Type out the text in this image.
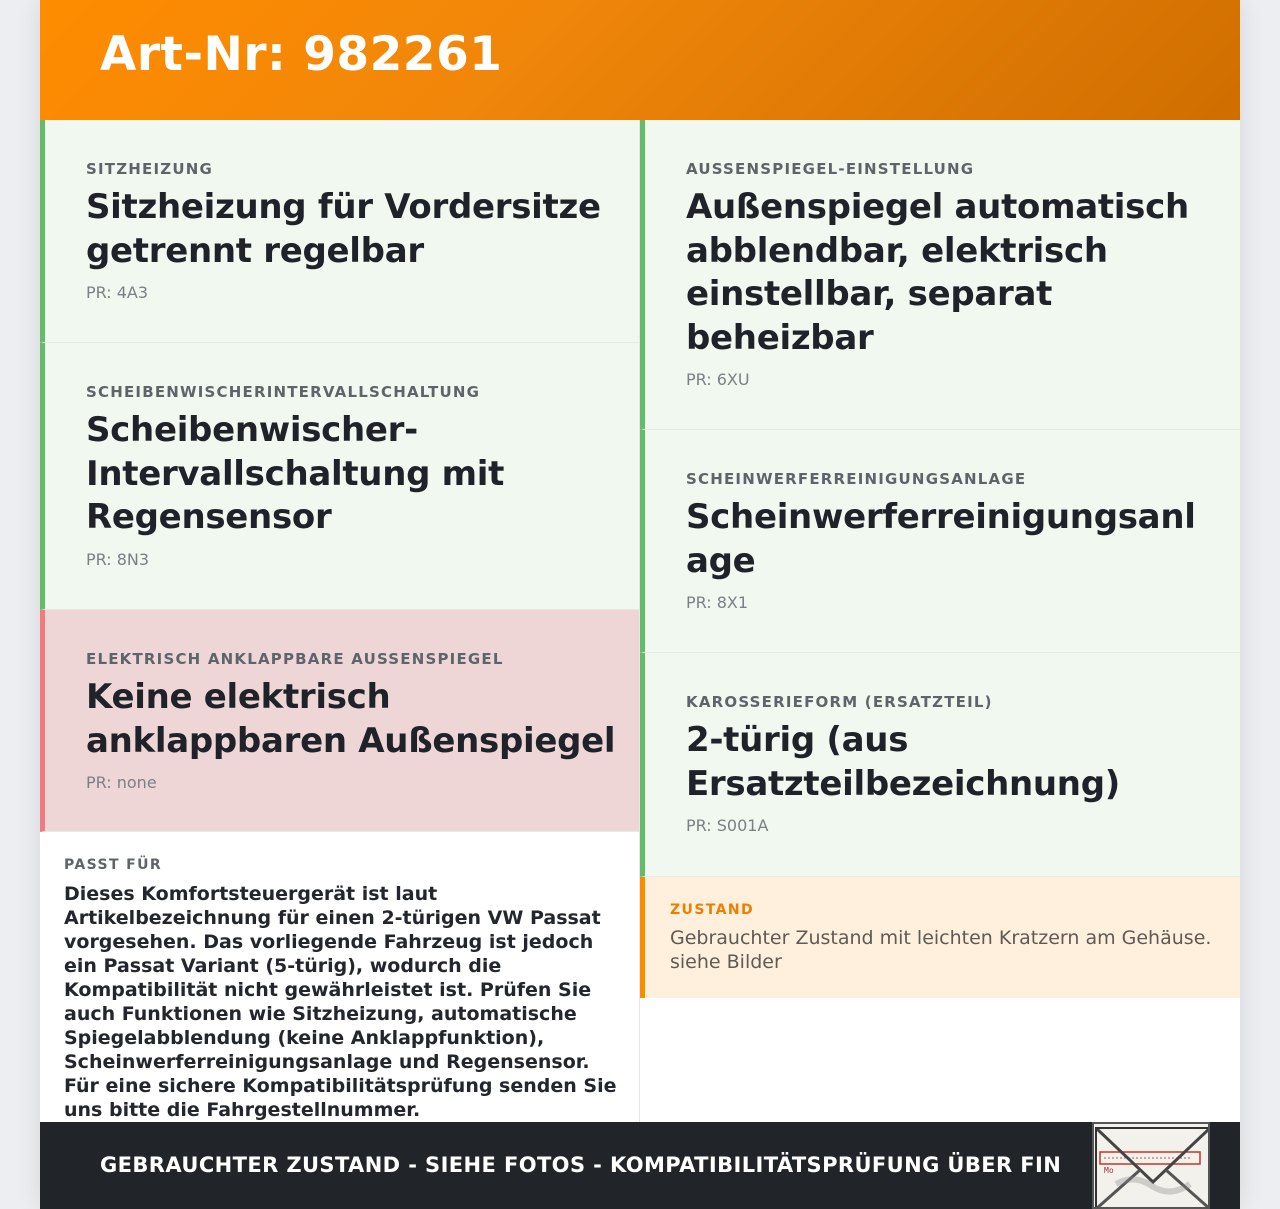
Art-Nr: 982261
SITZHEIZUNG
Sitzheizung für Vordersitze getrennt regelbar
PR: 4A3
SCHEIBENWISCHERINTERVALLSCHALTUNG
Scheibenwischer-Intervallschaltung mit Regensensor
PR: 8N3
ELEKTRISCH ANKLAPPBARE AUSSENSPIEGEL
Keine elektrisch anklappbaren Außenspiegel
PR: none
PASST FÜR
Dieses Komfortsteuergerät ist laut Artikelbezeichnung für einen 2-türigen VW Passat vorgesehen. Das vorliegende Fahrzeug ist jedoch ein Passat Variant (5-türig), wodurch die Kompatibilität nicht gewährleistet ist. Prüfen Sie auch Funktionen wie Sitzheizung, automatische Spiegelabblendung (keine Anklappfunktion), Scheinwerferreinigungsanlage und Regensensor. Für eine sichere Kompatibilitätsprüfung senden Sie uns bitte die Fahrgestellnummer.
AUSSENSPIEGEL-EINSTELLUNG
Außenspiegel automatisch abblendbar, elektrisch einstellbar, separat beheizbar
PR: 6XU
SCHEINWERFERREINIGUNGSANLAGE
Scheinwerferreinigungsanlage
PR: 8X1
KAROSSERIEFORM (ERSATZTEIL)
2-türig (aus Ersatzteilbezeichnung)
PR: S001A
ZUSTAND
Gebrauchter Zustand mit leichten Kratzern am Gehäuse. siehe Bilder
GEBRAUCHTER ZUSTAND - SIEHE FOTOS - KOMPATIBILITÄTSPRÜFUNG ÜBER FIN	Mo
